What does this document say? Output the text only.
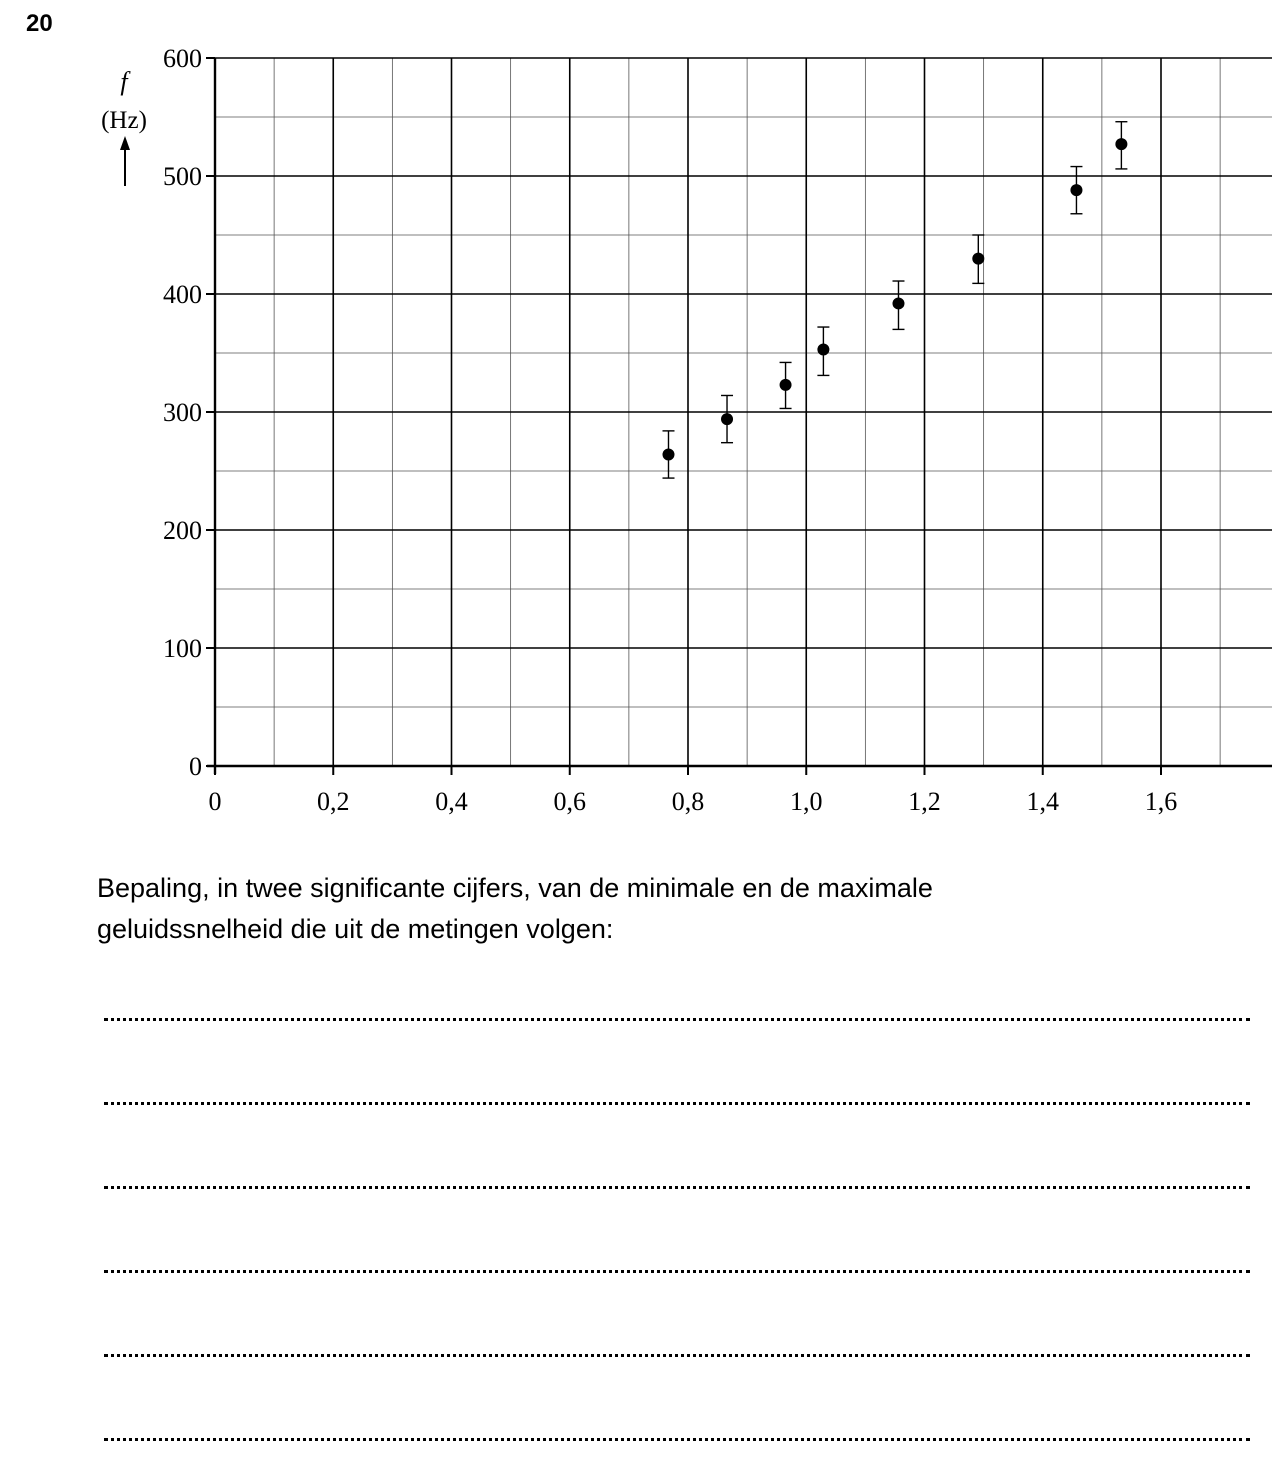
20
0
100
200
300
400
500
600
0	0,2	0,4	0,6	0,8	1,0	1,2	1,4	1,6
f
(Hz)
Bepaling, in twee significante cijfers, van de minimale en de maximale
geluidssnelheid die uit de metingen volgen:
